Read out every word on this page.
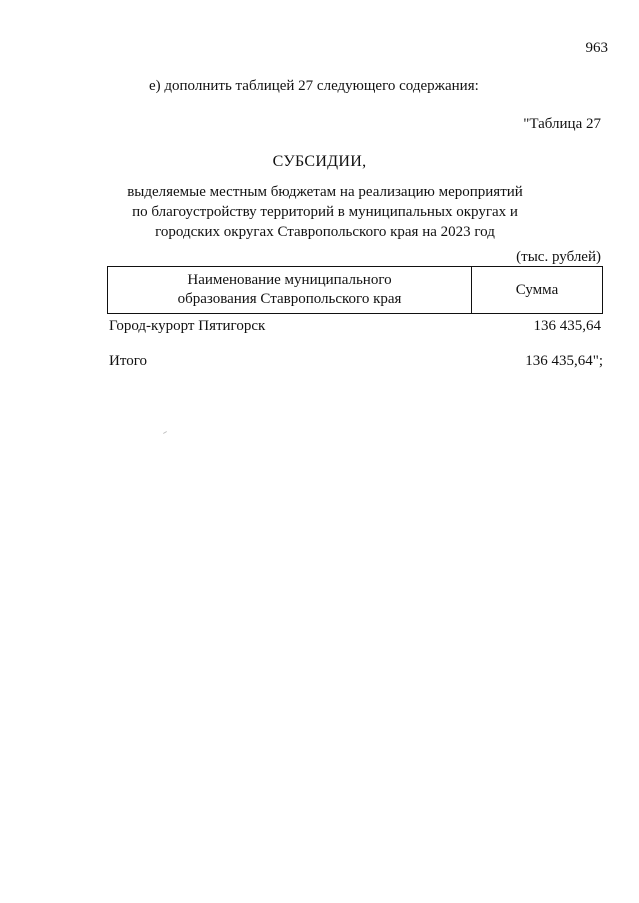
963
е) дополнить таблицей 27 следующего содержания:
"Таблица 27
СУБСИДИИ,
выделяемые местным бюджетам на реализацию мероприятий по благоустройству территорий в муниципальных округах и городских округах Ставропольского края на 2023 год
(тыс. рублей)
Наименование муниципального
образования Ставропольского края
Сумма
Город-курорт Пятигорск	136 435,64
Итого	136 435,64";
